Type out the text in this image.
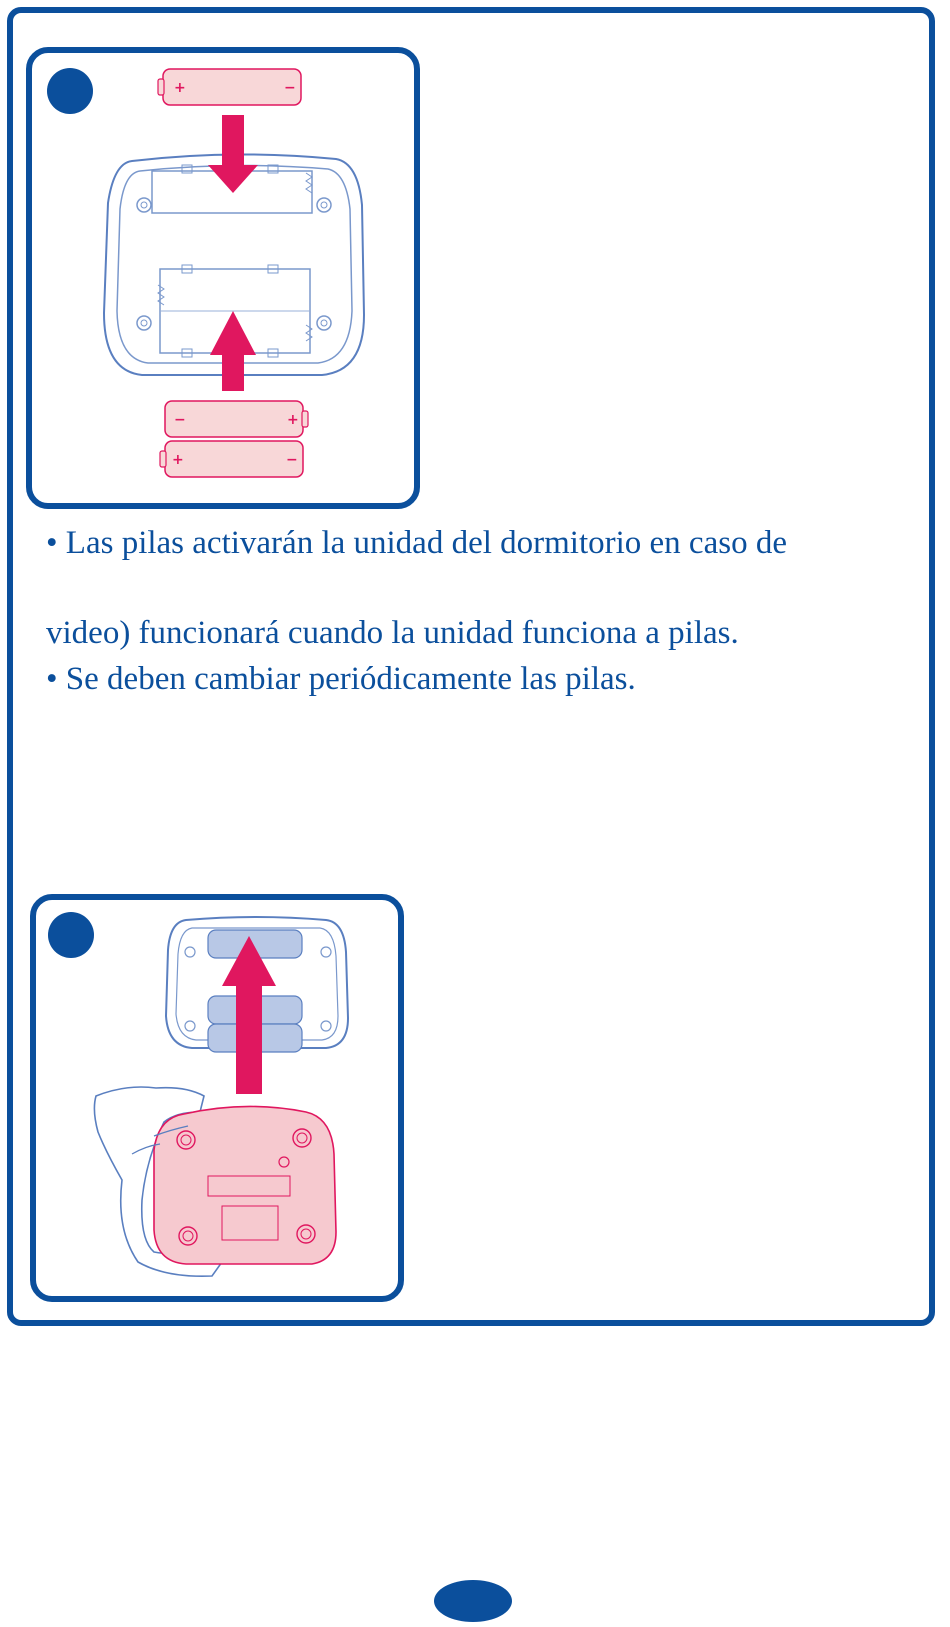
+	−
−	+
+	−

• Las pilas activarán la unidad del dormitorio en caso de

video) funcionará cuando la unidad funciona a pilas.

• Se deben cambiar periódicamente las pilas.
